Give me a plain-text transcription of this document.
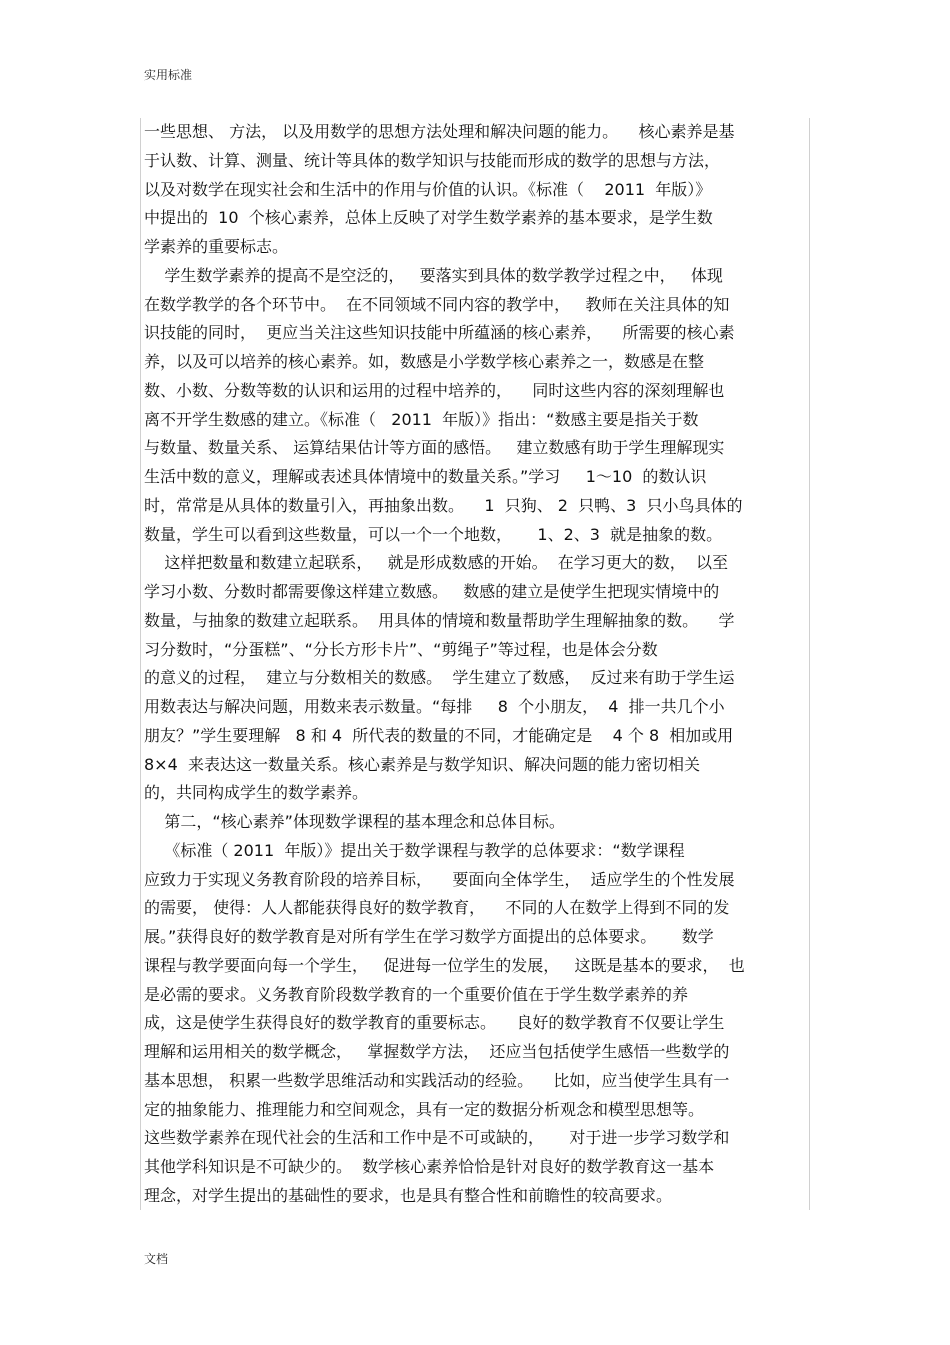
实用标准
一些思想、 方法， 以及用数学的思想方法处理和解决问题的能力。    核心素养是基
于认数、计算、测量、统计等具体的数学知识与技能而形成的数学的思想与方法，
以及对数学在现实社会和生活中的作用与价值的认识。《标准（    2011  年版）》
中提出的  10  个核心素养，总体上反映了对学生数学素养的基本要求，是学生数
学素养的重要标志。
学生数学素养的提高不是空泛的，   要落实到具体的数学教学过程之中，   体现
在数学教学的各个环节中。  在不同领域不同内容的教学中，   教师在关注具体的知
识技能的同时，  更应当关注这些知识技能中所蕴涵的核心素养，    所需要的核心素
养，以及可以培养的核心素养。如，数感是小学数学核心素养之一，数感是在整
数、小数、分数等数的认识和运用的过程中培养的，    同时这些内容的深刻理解也
离不开学生数感的建立。《标准（   2011  年版）》指出：“数感主要是指关于数
与数量、数量关系、 运算结果估计等方面的感悟。   建立数感有助于学生理解现实
生活中数的意义，理解或表述具体情境中的数量关系。”学习     1～10  的数认识
时，常常是从具体的数量引入，再抽象出数。    1  只狗、 2  只鸭、3  只小鸟具体的
数量，学生可以看到这些数量，可以一个一个地数，     1、2、3  就是抽象的数。
这样把数量和数建立起联系，   就是形成数感的开始。  在学习更大的数，  以至
学习小数、分数时都需要像这样建立数感。   数感的建立是使学生把现实情境中的
数量，与抽象的数建立起联系。  用具体的情境和数量帮助学生理解抽象的数。    学
习分数时，“分蛋糕”、“分长方形卡片”、“剪绳子”等过程，也是体会分数
的意义的过程，  建立与分数相关的数感。  学生建立了数感，  反过来有助于学生运
用数表达与解决问题，用数来表示数量。“每排     8  个小朋友，  4  排一共几个小
朋友？”学生要理解   8 和 4  所代表的数量的不同，才能确定是    4 个 8  相加或用
8×4  来表达这一数量关系。核心素养是与数学知识、解决问题的能力密切相关
的，共同构成学生的数学素养。
第二，“核心素养”体现数学课程的基本理念和总体目标。
《标准（ 2011  年版）》提出关于数学课程与教学的总体要求：“数学课程
应致力于实现义务教育阶段的培养目标，    要面向全体学生，  适应学生的个性发展
的需要， 使得：人人都能获得良好的数学教育，    不同的人在数学上得到不同的发
展。”获得良好的数学教育是对所有学生在学习数学方面提出的总体要求。     数学
课程与教学要面向每一个学生，   促进每一位学生的发展，   这既是基本的要求，  也
是必需的要求。义务教育阶段数学教育的一个重要价值在于学生数学素养的养
成，这是使学生获得良好的数学教育的重要标志。    良好的数学教育不仅要让学生
理解和运用相关的数学概念，   掌握数学方法，  还应当包括使学生感悟一些数学的
基本思想， 积累一些数学思维活动和实践活动的经验。    比如，应当使学生具有一
定的抽象能力、推理能力和空间观念，具有一定的数据分析观念和模型思想等。
这些数学素养在现代社会的生活和工作中是不可或缺的，     对于进一步学习数学和
其他学科知识是不可缺少的。  数学核心素养恰恰是针对良好的数学教育这一基本
理念，对学生提出的基础性的要求，也是具有整合性和前瞻性的较高要求。
文档
